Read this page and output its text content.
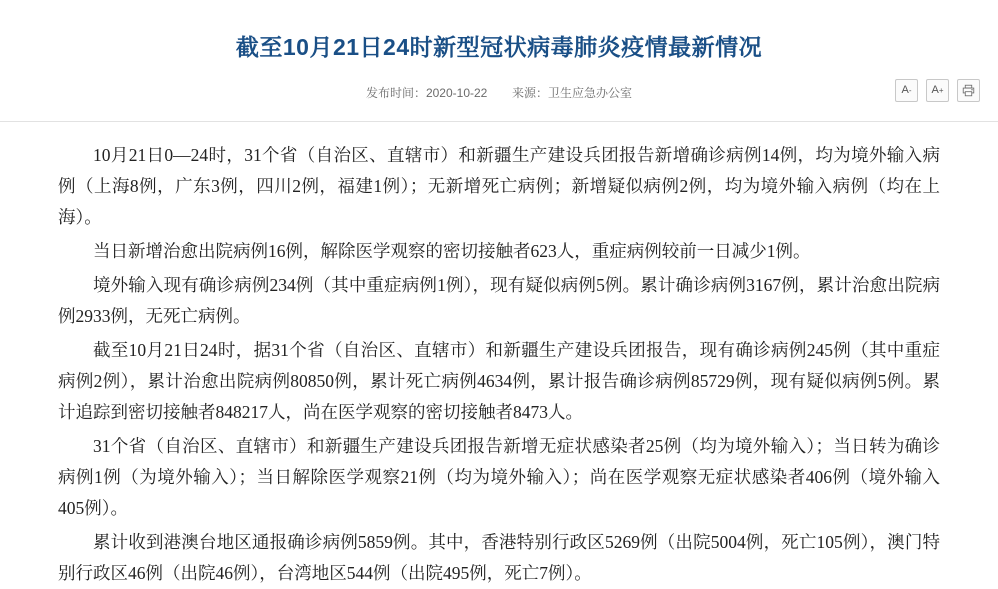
截至10月21日24时新型冠状病毒肺炎疫情最新情况
发布时间：2020-10-22 来源：卫生应急办公室	A - A +

10月21日0—24时，31个省（自治区、直辖市）和新疆生产建设兵团报告新增确诊病例14例，均为境外输入病例（上海8例，广东3例，四川2例，福建1例）；无新增死亡病例；新增疑似病例2例，均为境外输入病例（均在上海）。

当日新增治愈出院病例16例，解除医学观察的密切接触者623人，重症病例较前一日减少1例。

境外输入现有确诊病例234例（其中重症病例1例），现有疑似病例5例。累计确诊病例3167例，累计治愈出院病例2933例，无死亡病例。

截至10月21日24时，据31个省（自治区、直辖市）和新疆生产建设兵团报告，现有确诊病例245例（其中重症病例2例），累计治愈出院病例80850例，累计死亡病例4634例，累计报告确诊病例85729例，现有疑似病例5例。累计追踪到密切接触者848217人，尚在医学观察的密切接触者8473人。

31个省（自治区、直辖市）和新疆生产建设兵团报告新增无症状感染者25例（均为境外输入）；当日转为确诊病例1例（为境外输入）；当日解除医学观察21例（均为境外输入）；尚在医学观察无症状感染者406例（境外输入405例）。

累计收到港澳台地区通报确诊病例5859例。其中，香港特别行政区5269例（出院5004例，死亡105例），澳门特别行政区46例（出院46例），台湾地区544例（出院495例，死亡7例）。
